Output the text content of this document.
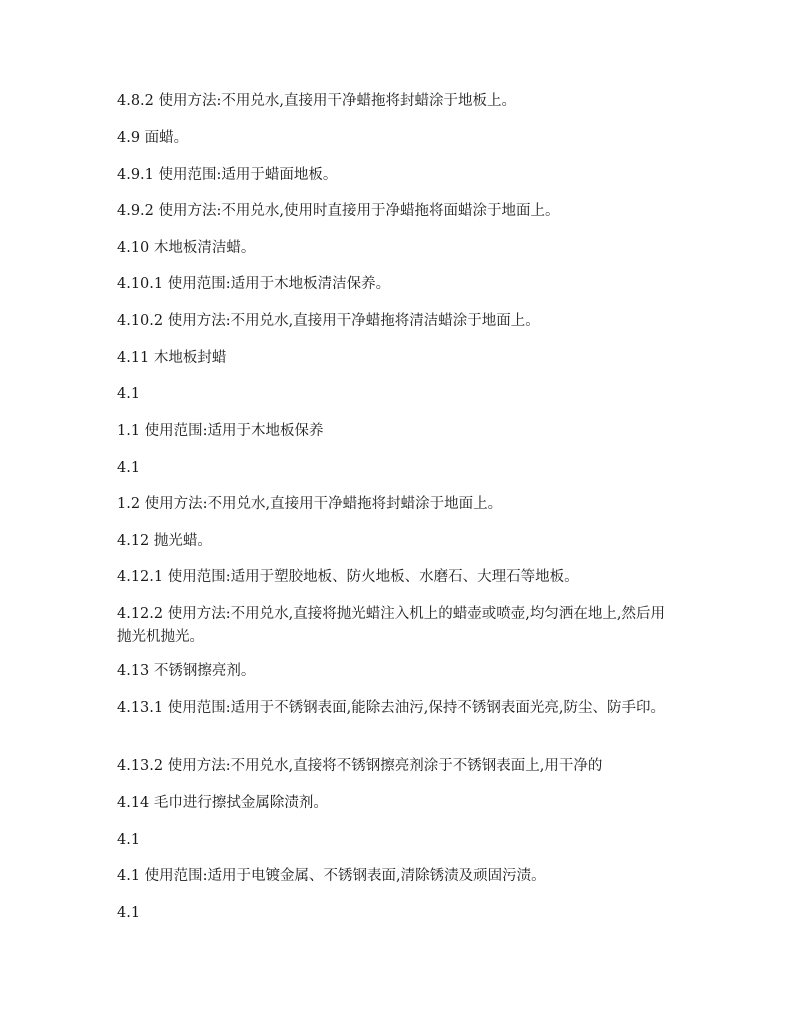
4.8.2 使用方法:不用兑水,直接用干净蜡拖将封蜡涂于地板上。

4.9 面蜡。

4.9.1 使用范围:适用于蜡面地板。

4.9.2 使用方法:不用兑水,使用时直接用于净蜡拖将面蜡涂于地面上。

4.10 木地板清洁蜡。

4.10.1 使用范围:适用于木地板清洁保养。

4.10.2 使用方法:不用兑水,直接用干净蜡拖将清洁蜡涂于地面上。

4.11 木地板封蜡

4.1

1.1 使用范围:适用于木地板保养

4.1

1.2 使用方法:不用兑水,直接用干净蜡拖将封蜡涂于地面上。

4.12 抛光蜡。

4.12.1 使用范围:适用于塑胶地板、防火地板、水磨石、大理石等地板。

4.12.2 使用方法:不用兑水,直接将抛光蜡注入机上的蜡壶或喷壶,均匀洒在地上,然后用抛光机抛光。

4.13 不锈钢擦亮剂。

4.13.1 使用范围:适用于不锈钢表面,能除去油污,保持不锈钢表面光亮,防尘、防手印。

4.13.2 使用方法:不用兑水,直接将不锈钢擦亮剂涂于不锈钢表面上,用干净的

4.14 毛巾进行擦拭金属除渍剂。

4.1

4.1 使用范围:适用于电镀金属、不锈钢表面,清除锈渍及顽固污渍。

4.1
